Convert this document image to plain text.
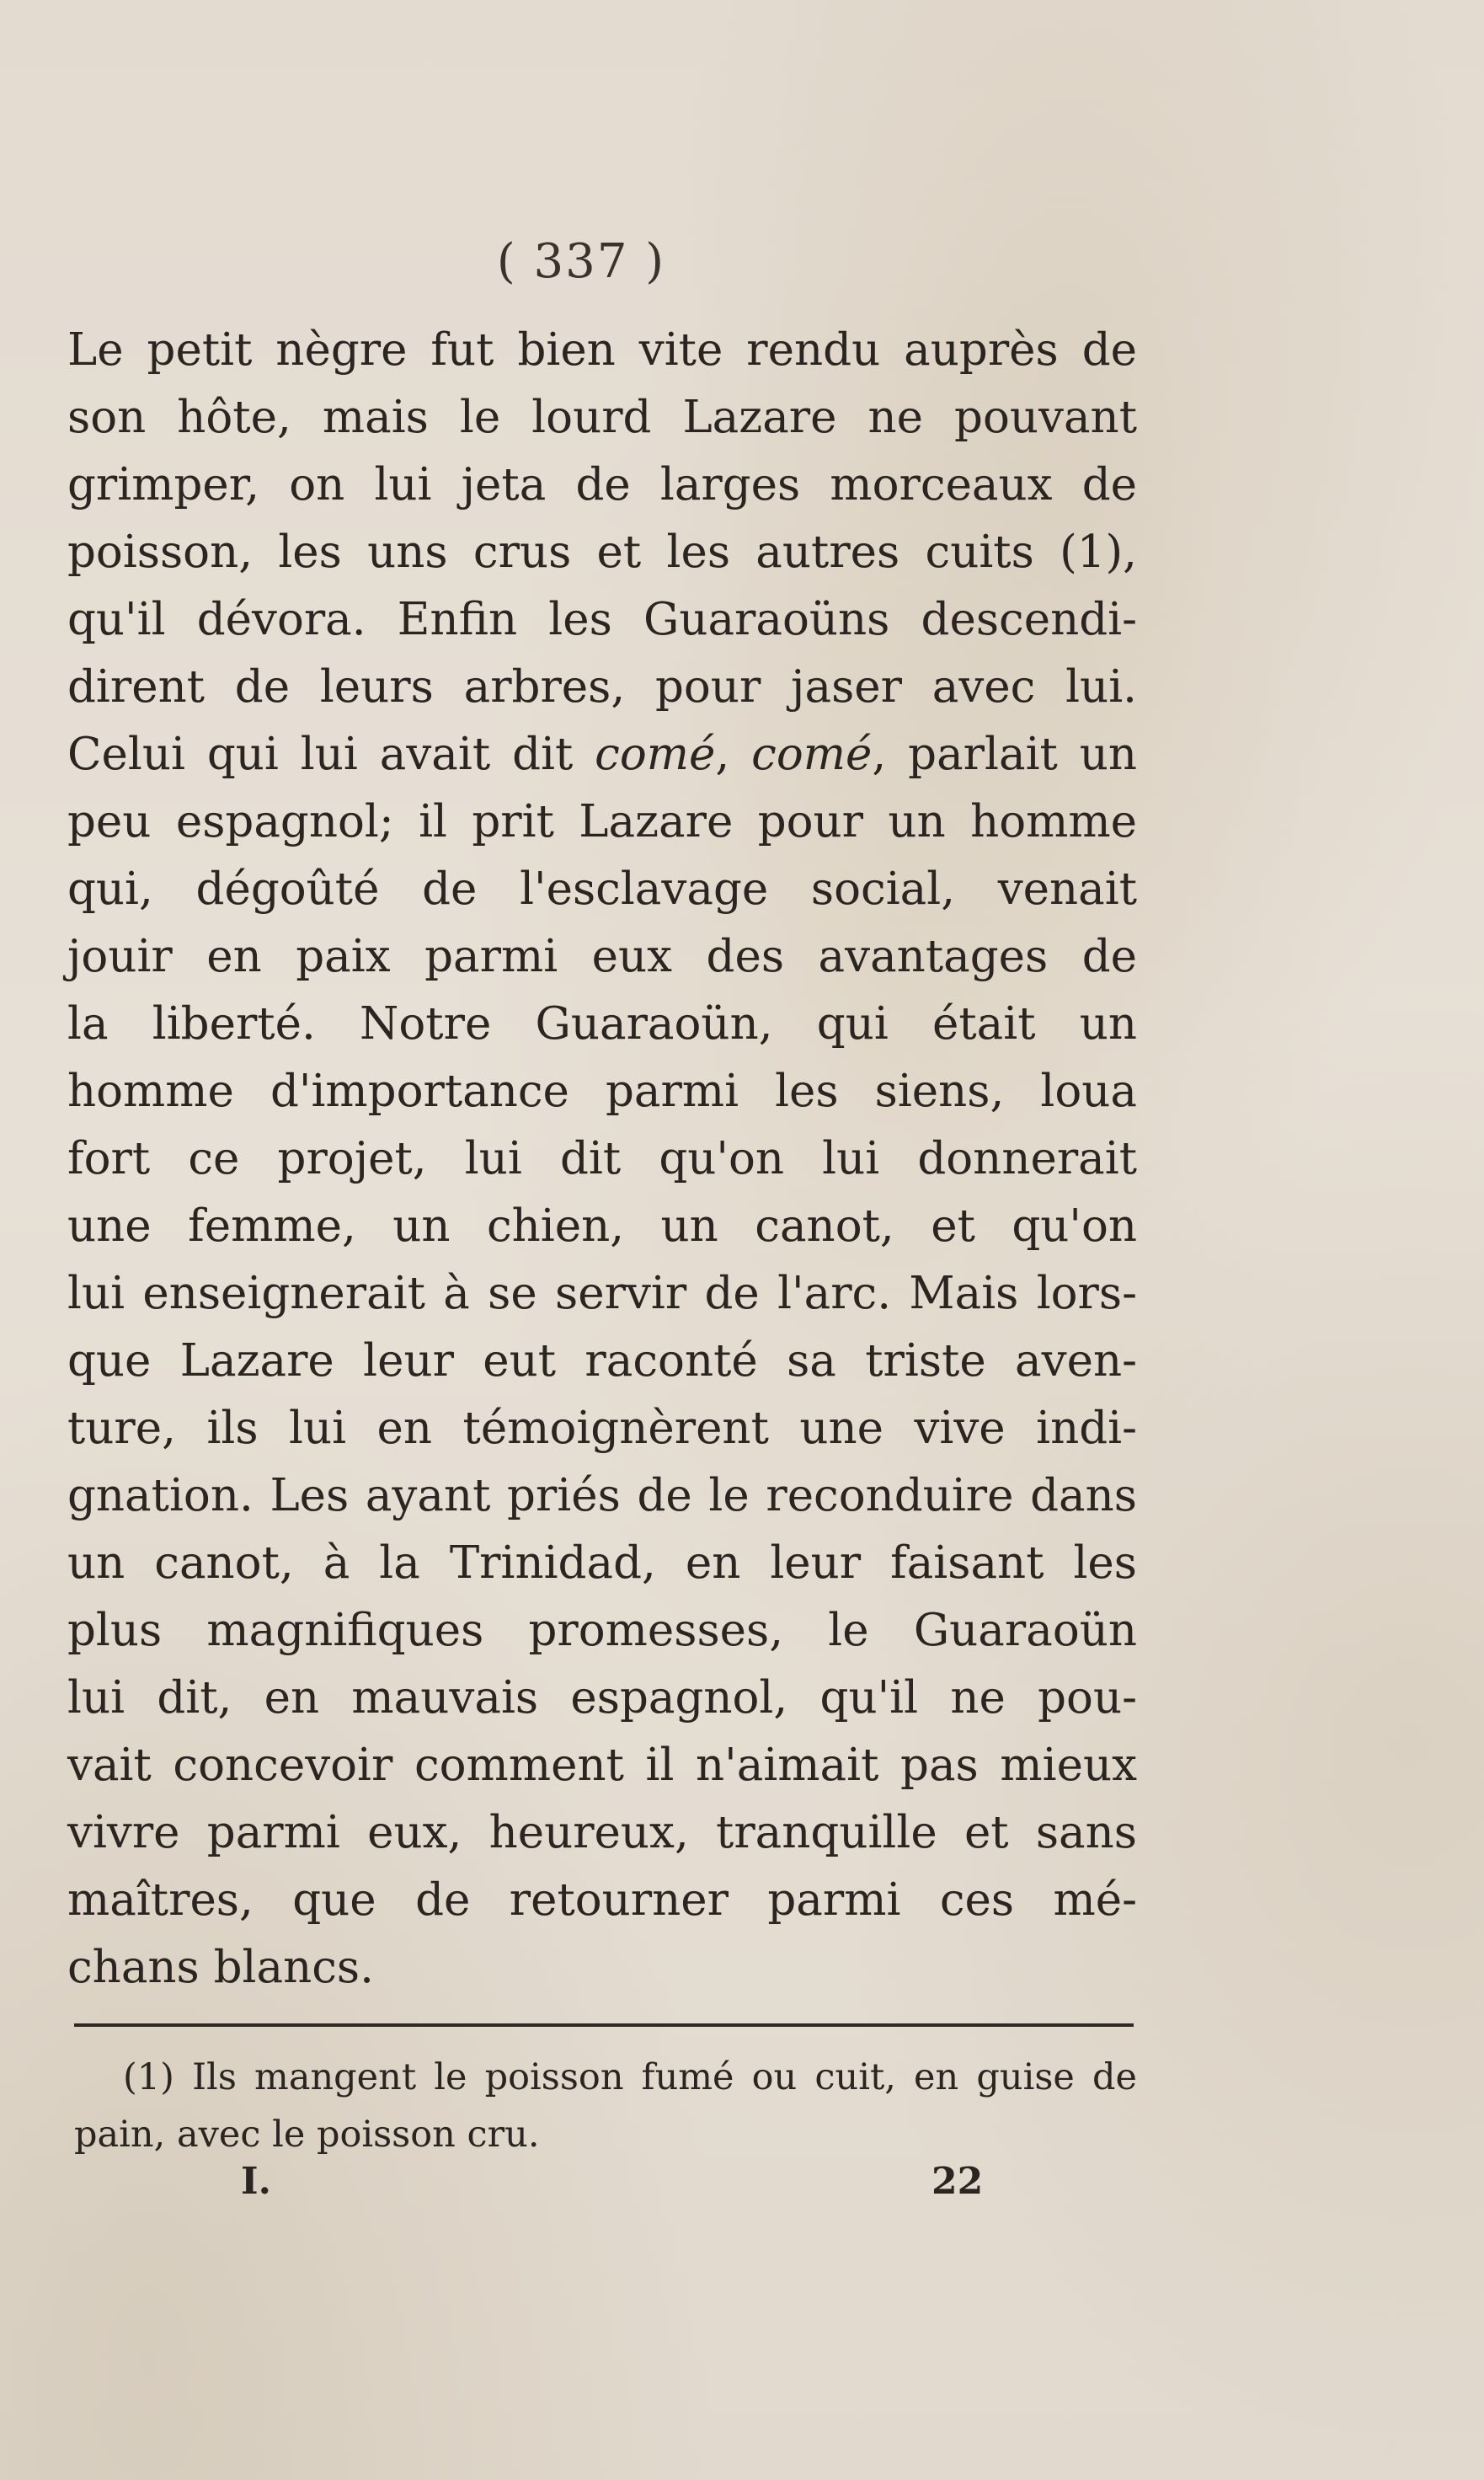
( 337 )
Le petit nègre fut bien vite rendu auprès de
son hôte, mais le lourd Lazare ne pouvant
grimper, on lui jeta de larges morceaux de
poisson, les uns crus et les autres cuits (1),
qu'il dévora. Enfin les Guaraoüns descendi-
dirent de leurs arbres, pour jaser avec lui.
Celui qui lui avait dit comé, comé, parlait un
peu espagnol; il prit Lazare pour un homme
qui, dégoûté de l'esclavage social, venait
jouir en paix parmi eux des avantages de
la liberté. Notre Guaraoün, qui était un
homme d'importance parmi les siens, loua
fort ce projet, lui dit qu'on lui donnerait
une femme, un chien, un canot, et qu'on
lui enseignerait à se servir de l'arc. Mais lors-
que Lazare leur eut raconté sa triste aven-
ture, ils lui en témoignèrent une vive indi-
gnation. Les ayant priés de le reconduire dans
un canot, à la Trinidad, en leur faisant les
plus magnifiques promesses, le Guaraoün
lui dit, en mauvais espagnol, qu'il ne pou-
vait concevoir comment il n'aimait pas mieux
vivre parmi eux, heureux, tranquille et sans
maîtres, que de retourner parmi ces mé-
chans blancs.
(1) Ils mangent le poisson fumé ou cuit, en guise de
pain, avec le poisson cru.
I.	22
